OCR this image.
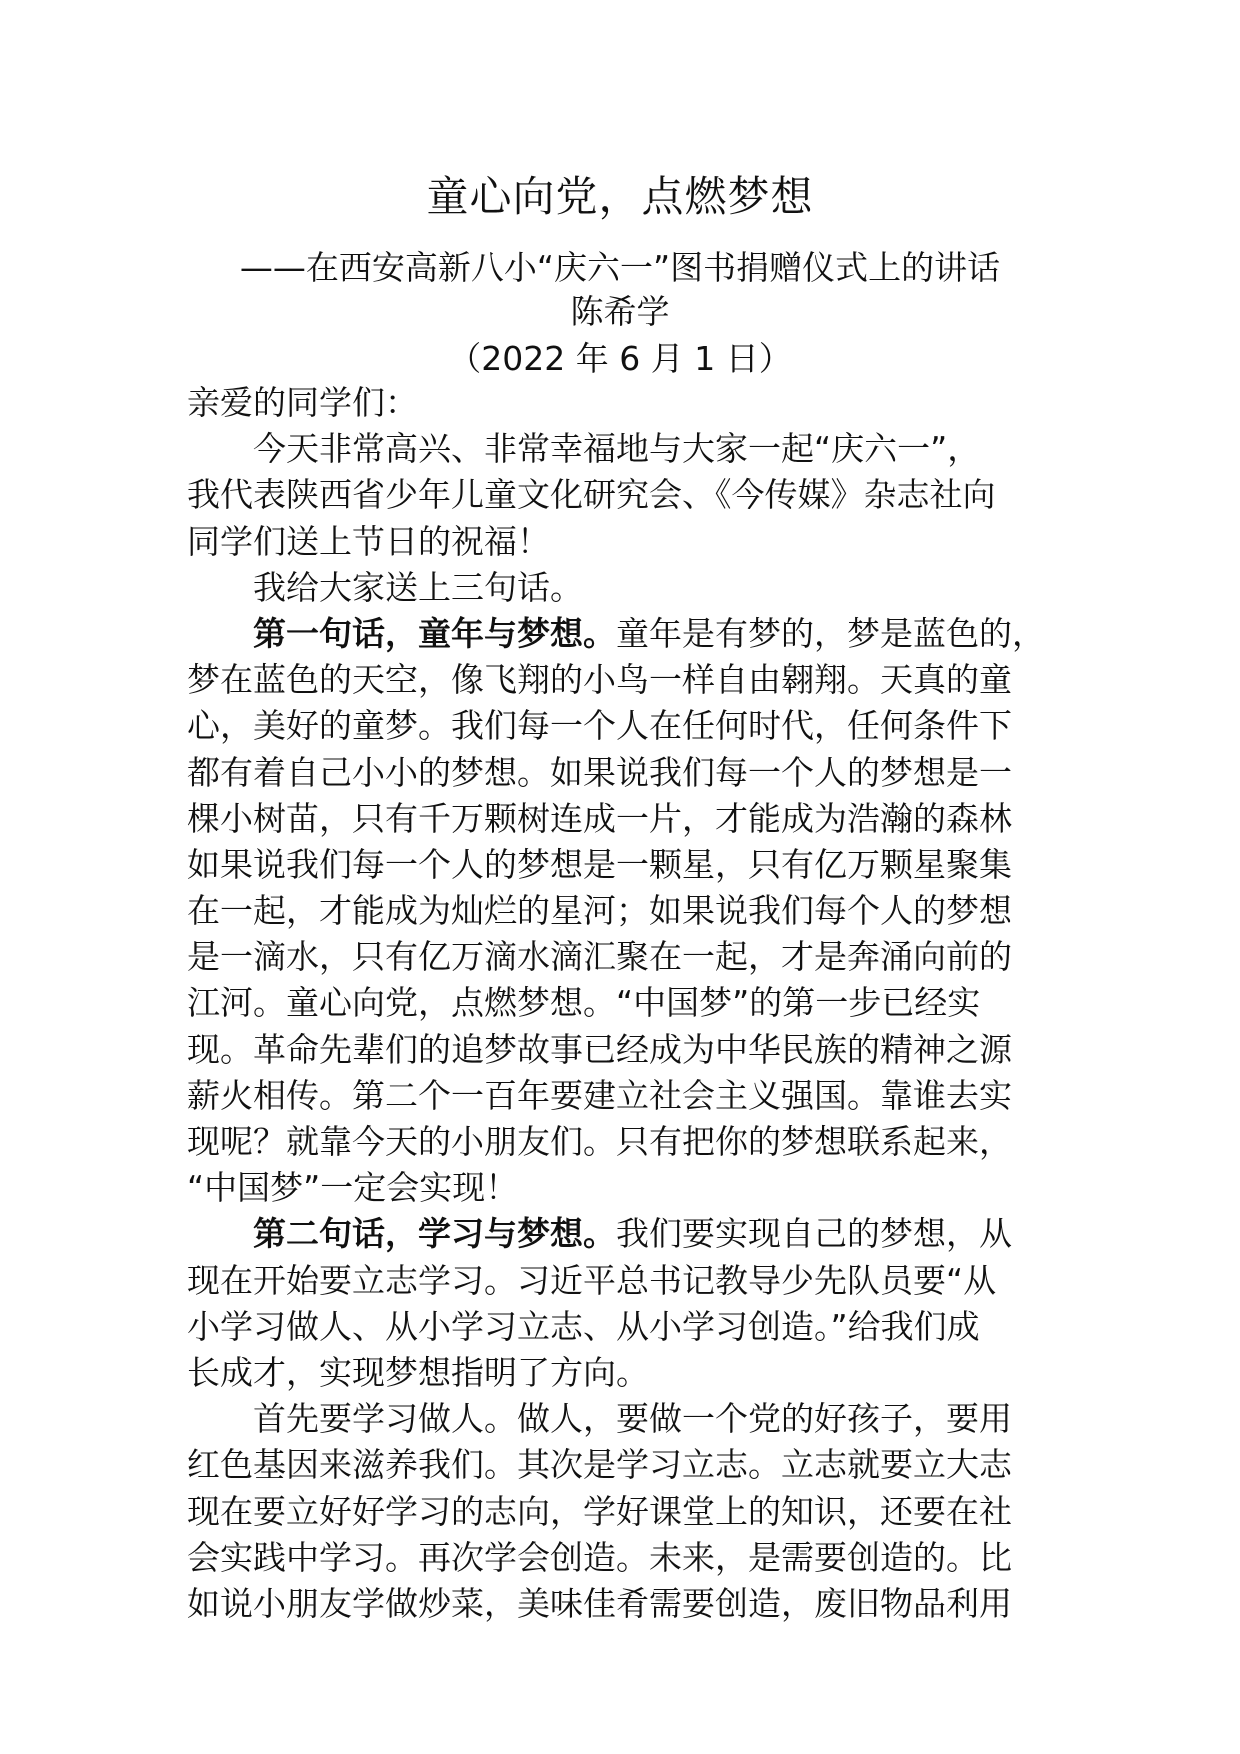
童心向党，点燃梦想
——在西安高新八小“庆六一”图书捐赠仪式上的讲话
陈希学
（2022 年 6 月 1 日）
亲爱的同学们：
今天非常高兴、非常幸福地与大家一起“庆六一”，
我代表陕西省少年儿童文化研究会、《今传媒》杂志社向
同学们送上节日的祝福！
我给大家送上三句话。
第一句话，童年与梦想。童年是有梦的，梦是蓝色的，
梦在蓝色的天空，像飞翔的小鸟一样自由翱翔。天真的童
心，美好的童梦。我们每一个人在任何时代，任何条件下
都有着自己小小的梦想。如果说我们每一个人的梦想是一
棵小树苗，只有千万颗树连成一片，才能成为浩瀚的森林
如果说我们每一个人的梦想是一颗星，只有亿万颗星聚集
在一起，才能成为灿烂的星河；如果说我们每个人的梦想
是一滴水，只有亿万滴水滴汇聚在一起，才是奔涌向前的
江河。童心向党，点燃梦想。“中国梦”的第一步已经实
现。革命先辈们的追梦故事已经成为中华民族的精神之源
薪火相传。第二个一百年要建立社会主义强国。靠谁去实
现呢？就靠今天的小朋友们。只有把你的梦想联系起来，
“中国梦”一定会实现！
第二句话，学习与梦想。我们要实现自己的梦想，从
现在开始要立志学习。习近平总书记教导少先队员要“从
小学习做人、从小学习立志、从小学习创造。”给我们成
长成才，实现梦想指明了方向。
首先要学习做人。做人，要做一个党的好孩子，要用
红色基因来滋养我们。其次是学习立志。立志就要立大志
现在要立好好学习的志向，学好课堂上的知识，还要在社
会实践中学习。再次学会创造。未来，是需要创造的。比
如说小朋友学做炒菜，美味佳肴需要创造，废旧物品利用
